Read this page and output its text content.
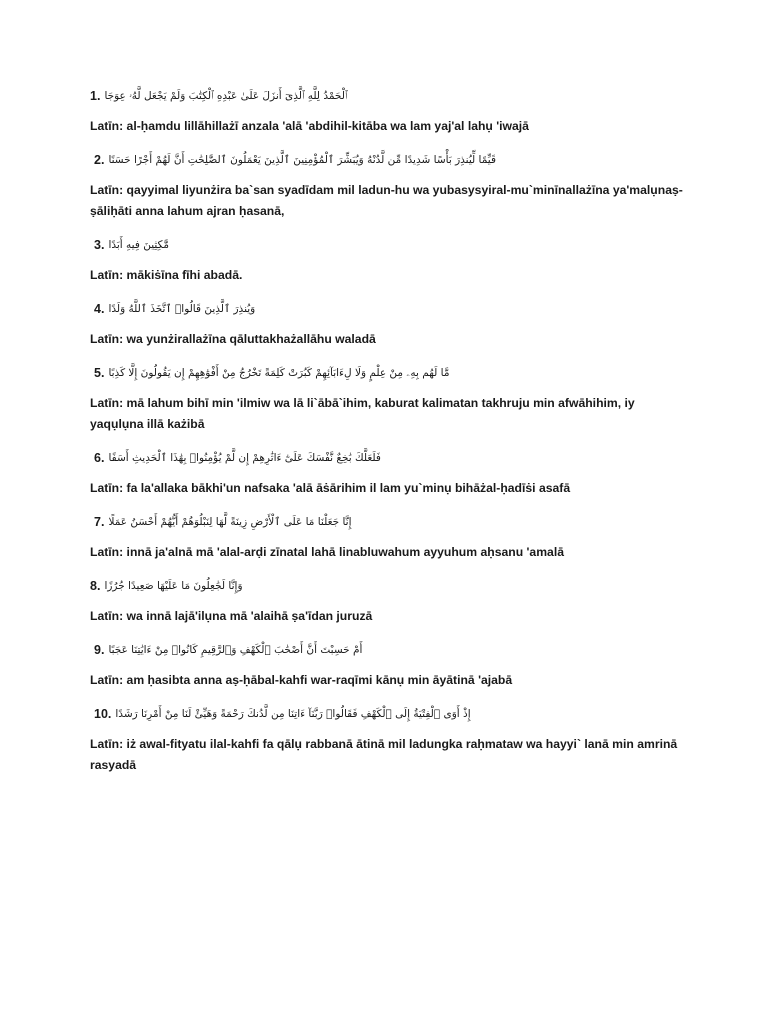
1. ٱلْحَمْدُ لِلَّهِ ٱلَّذِىٓ أَنزَلَ عَلَىٰ عَبْدِهِ ٱلْكِتَٰبَ وَلَمْ يَجْعَل لَّهُۥ عِوَجَا
Latīn: al-ḥamdu lillāhillażī anzala 'alā 'abdihil-kitāba wa lam yaj'al lahụ 'iwajā
2. قَيِّمًا لِّيُنذِرَ بَأْسًا شَدِيدًا مِّن لَّدُنْهُ وَيُبَشِّرَ ٱلْمُؤْمِنِينَ ٱلَّذِينَ يَعْمَلُونَ ٱلصَّٰلِحَٰتِ أَنَّ لَهُمْ أَجْرًا حَسَنًا
Latīn: qayyimal liyunżira ba`san syadīdam mil ladun-hu wa yubasysyiral-mu`minīnallażīna ya'malụnaṣ-ṣāliḥāti anna lahum ajran ḥasanā,
3. مَّٰكِثِينَ فِيهِ أَبَدًا
Latīn: mākiṡīna fīhi abadā.
4. وَيُنذِرَ ٱلَّذِينَ قَالُوا۟ ٱتَّخَذَ ٱللَّهُ وَلَدًا
Latīn: wa yunżirallażīna qāluttakhażallāhu waladā
5. مَّا لَهُم بِهِۦ مِنْ عِلْمٍ وَلَا لِءَابَآئِهِمْ كَبُرَتْ كَلِمَةً تَخْرُجُ مِنْ أَفْوَٰهِهِمْ إِن يَقُولُونَ إِلَّا كَذِبًا
Latīn: mā lahum bihī min 'ilmiw wa lā li`ābā`ihim, kaburat kalimatan takhruju min afwāhihim, iy yaqụlụna illā każibā
6. فَلَعَلَّكَ بَٰخِعٌ نَّفْسَكَ عَلَىٰٓ ءَاثَٰرِهِمْ إِن لَّمْ يُؤْمِنُوا۟ بِهَٰذَا ٱلْحَدِيثِ أَسَفًا
Latīn: fa la'allaka bākhi'un nafsaka 'alā āṡārihim il lam yu`minụ bihāżal-ḥadīṡi asafā
7. إِنَّا جَعَلْنَا مَا عَلَى ٱلْأَرْضِ زِينَةً لَّهَا لِنَبْلُوَهُمْ أَيُّهُمْ أَحْسَنُ عَمَلًا
Latīn: innā ja'alnā mā 'alal-arḍi zīnatal lahā linabluwahum ayyuhum aḥsanu 'amalā
8. وَإِنَّا لَجَٰعِلُونَ مَا عَلَيْهَا صَعِيدًا جُرُزًا
Latīn: wa innā lajā'ilụna mā 'alaihā ṣa'īdan juruzā
9. أَمْ حَسِبْتَ أَنَّ أَصْحَٰبَ ٱلْكَهْفِ وَٱلرَّقِيمِ كَانُوا۟ مِنْ ءَايَٰتِنَا عَجَبًا
Latīn: am ḥasibta anna aṣ-ḥābal-kahfi war-raqīmi kānụ min āyātinā 'ajabā
10. إِذْ أَوَى ٱلْفِتْيَةُ إِلَى ٱلْكَهْفِ فَقَالُوا۟ رَبَّنَآ ءَاتِنَا مِن لَّدُنكَ رَحْمَةً وَهَيِّئْ لَنَا مِنْ أَمْرِنَا رَشَدًا
Latīn: iż awal-fityatu ilal-kahfi fa qālụ rabbanā ātinā mil ladungka raḥmataw wa hayyi` lanā min amrinā rasyadā
